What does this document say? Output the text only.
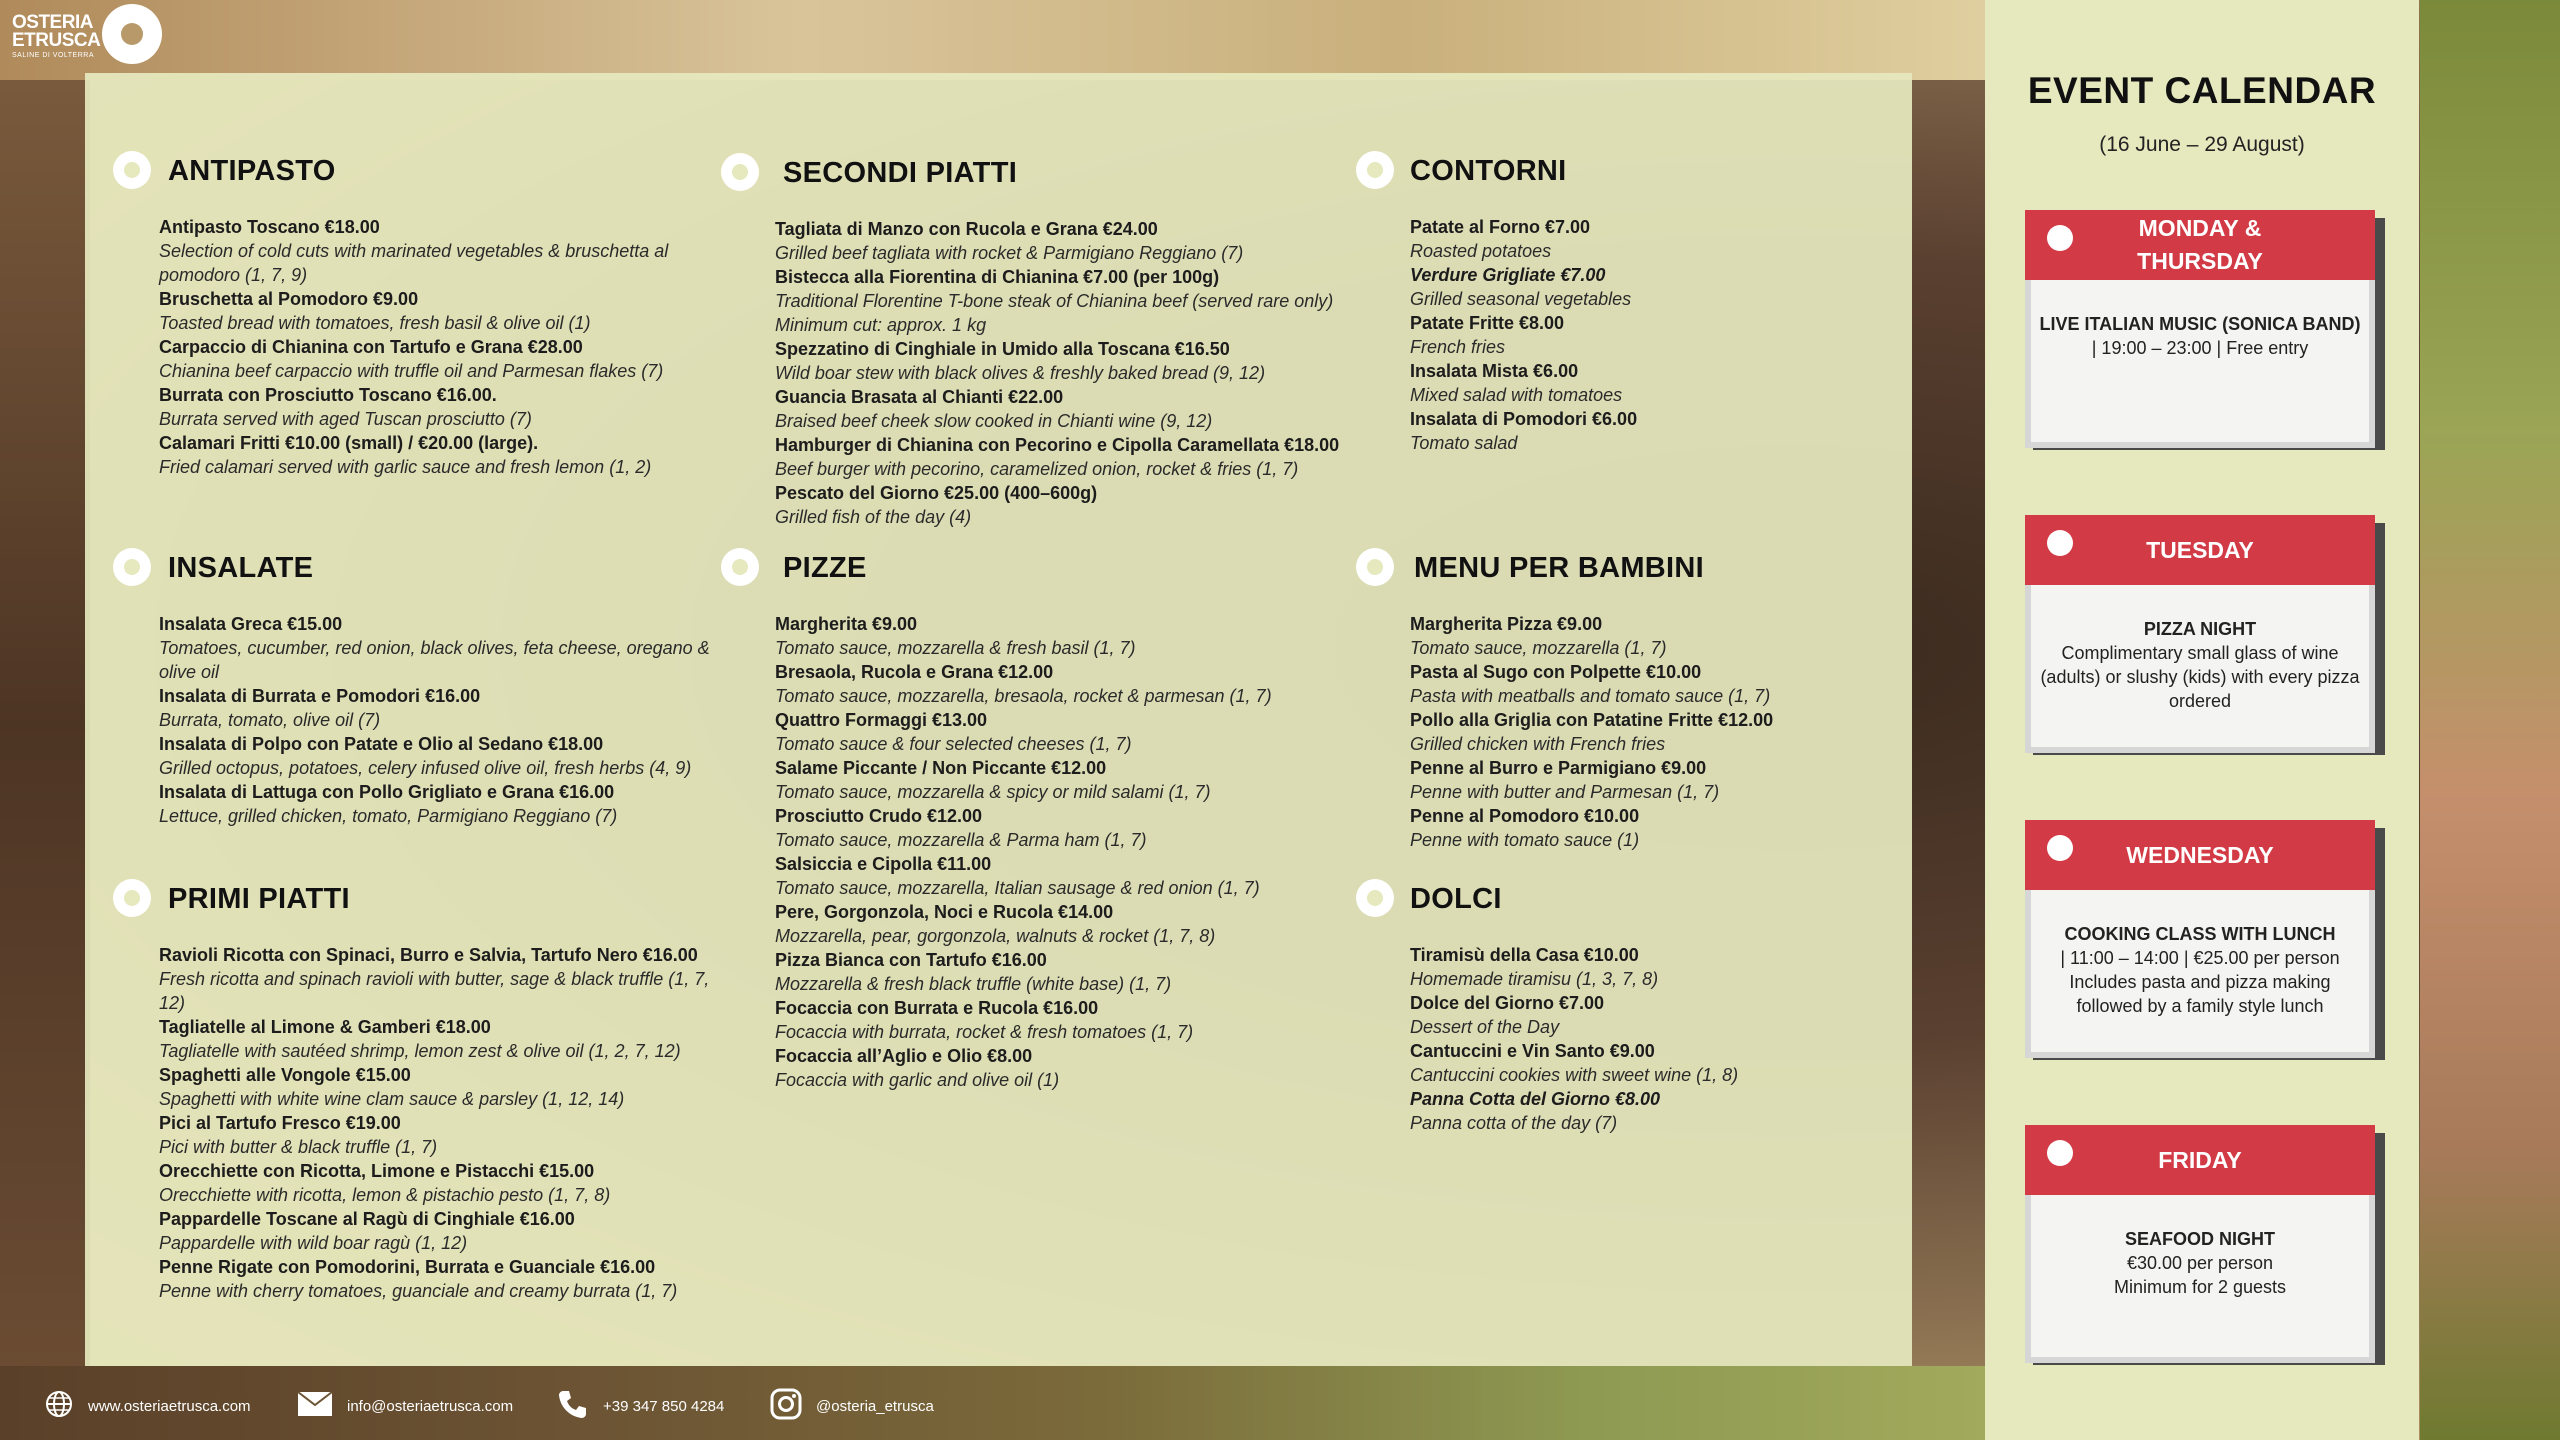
OSTERIA
ETRUSCA
SALINE DI VOLTERRA
ANTIPASTO
Antipasto Toscano €18.00
Selection of cold cuts with marinated vegetables & bruschetta al pomodoro (1, 7, 9)
Bruschetta al Pomodoro €9.00
Toasted bread with tomatoes, fresh basil & olive oil (1)
Carpaccio di Chianina con Tartufo e Grana €28.00
Chianina beef carpaccio with truffle oil and Parmesan flakes (7)
Burrata con Prosciutto Toscano €16.00.
Burrata served with aged Tuscan prosciutto (7)
Calamari Fritti €10.00 (small) / €20.00 (large).
Fried calamari served with garlic sauce and fresh lemon (1, 2)
INSALATE
Insalata Greca €15.00
Tomatoes, cucumber, red onion, black olives, feta cheese, oregano & olive oil
Insalata di Burrata e Pomodori €16.00
Burrata, tomato, olive oil (7)
Insalata di Polpo con Patate e Olio al Sedano €18.00
Grilled octopus, potatoes, celery infused olive oil, fresh herbs (4, 9)
Insalata di Lattuga con Pollo Grigliato e Grana €16.00
Lettuce, grilled chicken, tomato, Parmigiano Reggiano (7)
PRIMI PIATTI
Ravioli Ricotta con Spinaci, Burro e Salvia, Tartufo Nero €16.00
Fresh ricotta and spinach ravioli with butter, sage & black truffle (1, 7, 12)
Tagliatelle al Limone & Gamberi €18.00
Tagliatelle with sautéed shrimp, lemon zest & olive oil (1, 2, 7, 12)
Spaghetti alle Vongole €15.00
Spaghetti with white wine clam sauce & parsley (1, 12, 14)
Pici al Tartufo Fresco €19.00
Pici with butter & black truffle (1, 7)
Orecchiette con Ricotta, Limone e Pistacchi €15.00
Orecchiette with ricotta, lemon & pistachio pesto (1, 7, 8)
Pappardelle Toscane al Ragù di Cinghiale €16.00
Pappardelle with wild boar ragù (1, 12)
Penne Rigate con Pomodorini, Burrata e Guanciale €16.00
Penne with cherry tomatoes, guanciale and creamy burrata (1, 7)
SECONDI PIATTI
Tagliata di Manzo con Rucola e Grana €24.00
Grilled beef tagliata with rocket & Parmigiano Reggiano (7)
Bistecca alla Fiorentina di Chianina €7.00 (per 100g)
Traditional Florentine T-bone steak of Chianina beef (served rare only) Minimum cut: approx. 1 kg
Spezzatino di Cinghiale in Umido alla Toscana €16.50
Wild boar stew with black olives & freshly baked bread (9, 12)
Guancia Brasata al Chianti €22.00
Braised beef cheek slow cooked in Chianti wine (9, 12)
Hamburger di Chianina con Pecorino e Cipolla Caramellata €18.00
Beef burger with pecorino, caramelized onion, rocket & fries (1, 7)
Pescato del Giorno €25.00 (400–600g)
Grilled fish of the day (4)
PIZZE
Margherita €9.00
Tomato sauce, mozzarella & fresh basil (1, 7)
Bresaola, Rucola e Grana €12.00
Tomato sauce, mozzarella, bresaola, rocket & parmesan (1, 7)
Quattro Formaggi €13.00
Tomato sauce & four selected cheeses (1, 7)
Salame Piccante / Non Piccante €12.00
Tomato sauce, mozzarella & spicy or mild salami (1, 7)
Prosciutto Crudo €12.00
Tomato sauce, mozzarella & Parma ham (1, 7)
Salsiccia e Cipolla €11.00
Tomato sauce, mozzarella, Italian sausage & red onion (1, 7)
Pere, Gorgonzola, Noci e Rucola €14.00
Mozzarella, pear, gorgonzola, walnuts & rocket (1, 7, 8)
Pizza Bianca con Tartufo €16.00
Mozzarella & fresh black truffle (white base) (1, 7)
Focaccia con Burrata e Rucola €16.00
Focaccia with burrata, rocket & fresh tomatoes (1, 7)
Focaccia all’Aglio e Olio €8.00
Focaccia with garlic and olive oil (1)
CONTORNI
Patate al Forno €7.00
Roasted potatoes
Verdure Grigliate €7.00
Grilled seasonal vegetables
Patate Fritte €8.00
French fries
Insalata Mista €6.00
Mixed salad with tomatoes
Insalata di Pomodori €6.00
Tomato salad
MENU PER BAMBINI
Margherita Pizza €9.00
Tomato sauce, mozzarella (1, 7)
Pasta al Sugo con Polpette €10.00
Pasta with meatballs and tomato sauce (1, 7)
Pollo alla Griglia con Patatine Fritte €12.00
Grilled chicken with French fries
Penne al Burro e Parmigiano €9.00
Penne with butter and Parmesan (1, 7)
Penne al Pomodoro €10.00
Penne with tomato sauce (1)
DOLCI
Tiramisù della Casa €10.00
Homemade tiramisu (1, 3, 7, 8)
Dolce del Giorno €7.00
Dessert of the Day
Cantuccini e Vin Santo €9.00
Cantuccini cookies with sweet wine (1, 8)
Panna Cotta del Giorno €8.00
Panna cotta of the day (7)
EVENT CALENDAR
(16 June – 29 August)
LIVE ITALIAN MUSIC (SONICA BAND)
| 19:00 – 23:00 | Free entry
MONDAY & THURSDAY
PIZZA NIGHT
Complimentary small glass of wine (adults) or slushy (kids) with every pizza ordered
TUESDAY
COOKING CLASS WITH LUNCH
| 11:00 – 14:00 | €25.00 per person
Includes pasta and pizza making followed by a family style lunch
WEDNESDAY
SEAFOOD NIGHT
€30.00 per person
Minimum for 2 guests
FRIDAY
www.osteriaetrusca.com	info@osteriaetrusca.com	+39 347 850 4284	@osteria_etrusca
